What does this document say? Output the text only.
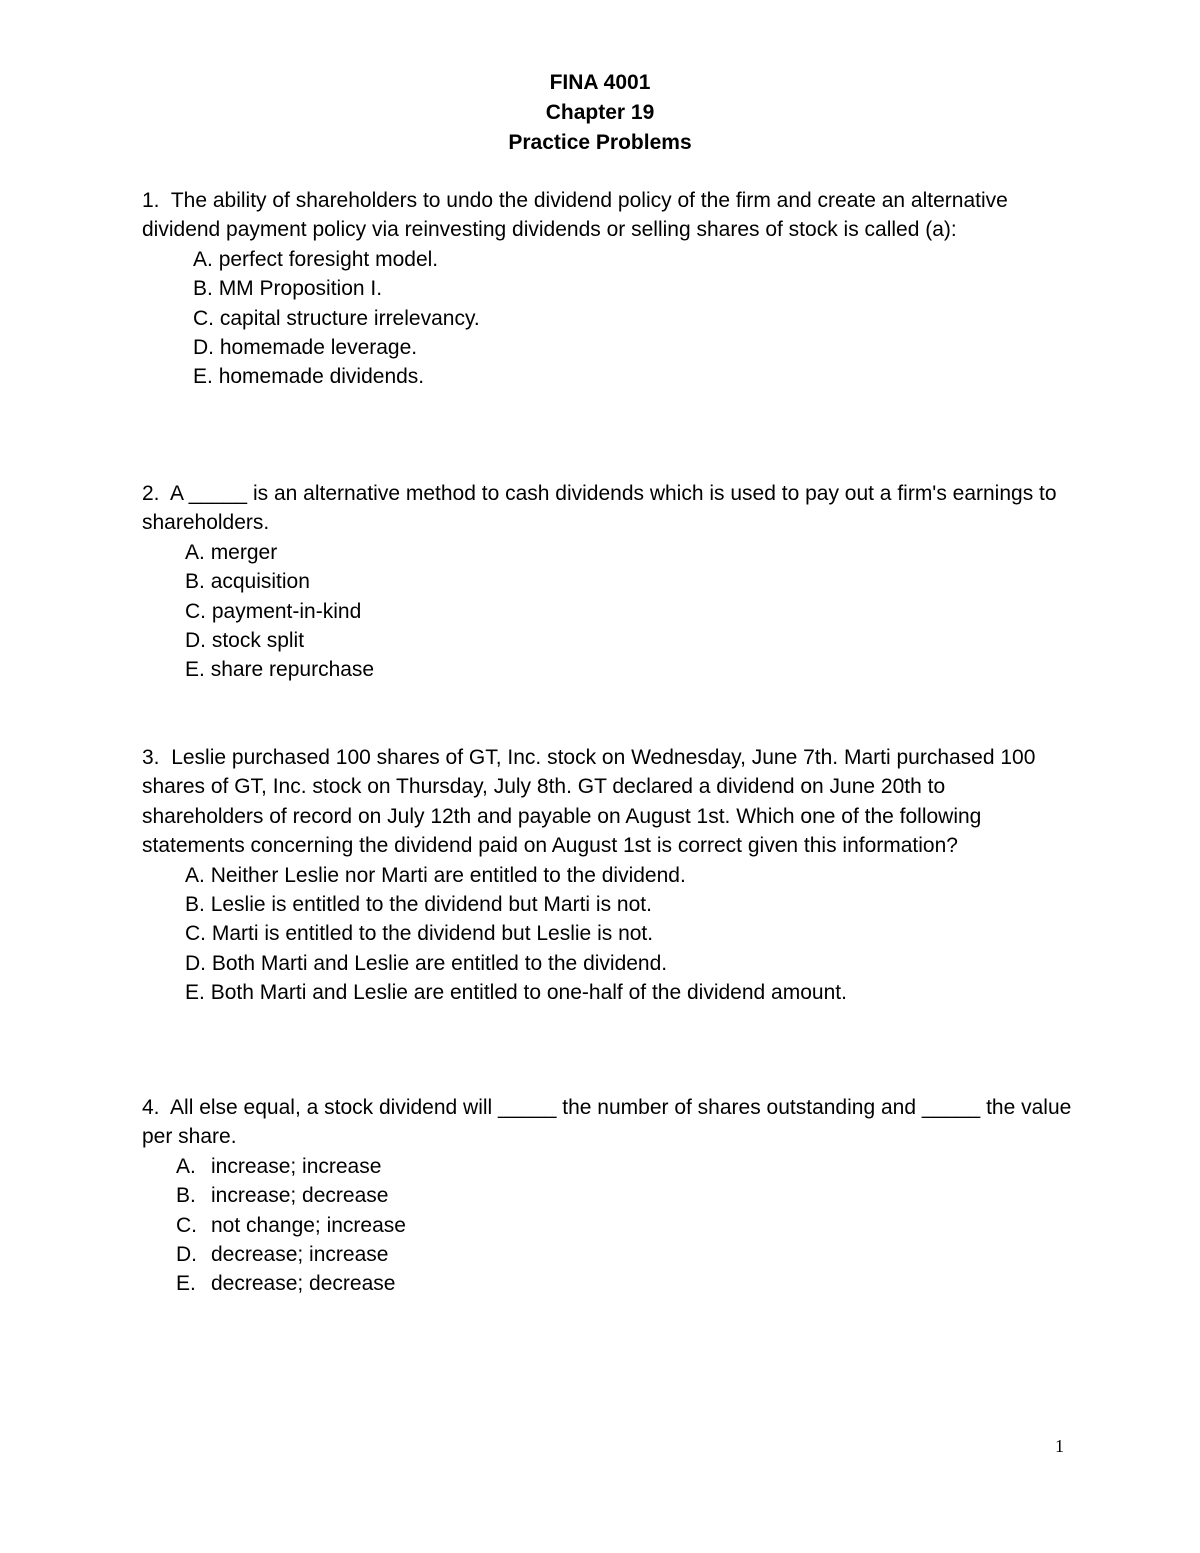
FINA 4001
Chapter 19
Practice Problems
1. The ability of shareholders to undo the dividend policy of the firm and create an alternative dividend payment policy via reinvesting dividends or selling shares of stock is called (a):
A. perfect foresight model.
B. MM Proposition I.
C. capital structure irrelevancy.
D. homemade leverage.
E. homemade dividends.
2. A _____ is an alternative method to cash dividends which is used to pay out a firm's earnings to shareholders.
A. merger
B. acquisition
C. payment-in-kind
D. stock split
E. share repurchase
3. Leslie purchased 100 shares of GT, Inc. stock on Wednesday, June 7th. Marti purchased 100 shares of GT, Inc. stock on Thursday, July 8th. GT declared a dividend on June 20th to shareholders of record on July 12th and payable on August 1st. Which one of the following statements concerning the dividend paid on August 1st is correct given this information?
A. Neither Leslie nor Marti are entitled to the dividend.
B. Leslie is entitled to the dividend but Marti is not.
C. Marti is entitled to the dividend but Leslie is not.
D. Both Marti and Leslie are entitled to the dividend.
E. Both Marti and Leslie are entitled to one-half of the dividend amount.
4. All else equal, a stock dividend will _____ the number of shares outstanding and _____ the value per share.
A. increase; increase
B. increase; decrease
C. not change; increase
D. decrease; increase
E. decrease; decrease
1
